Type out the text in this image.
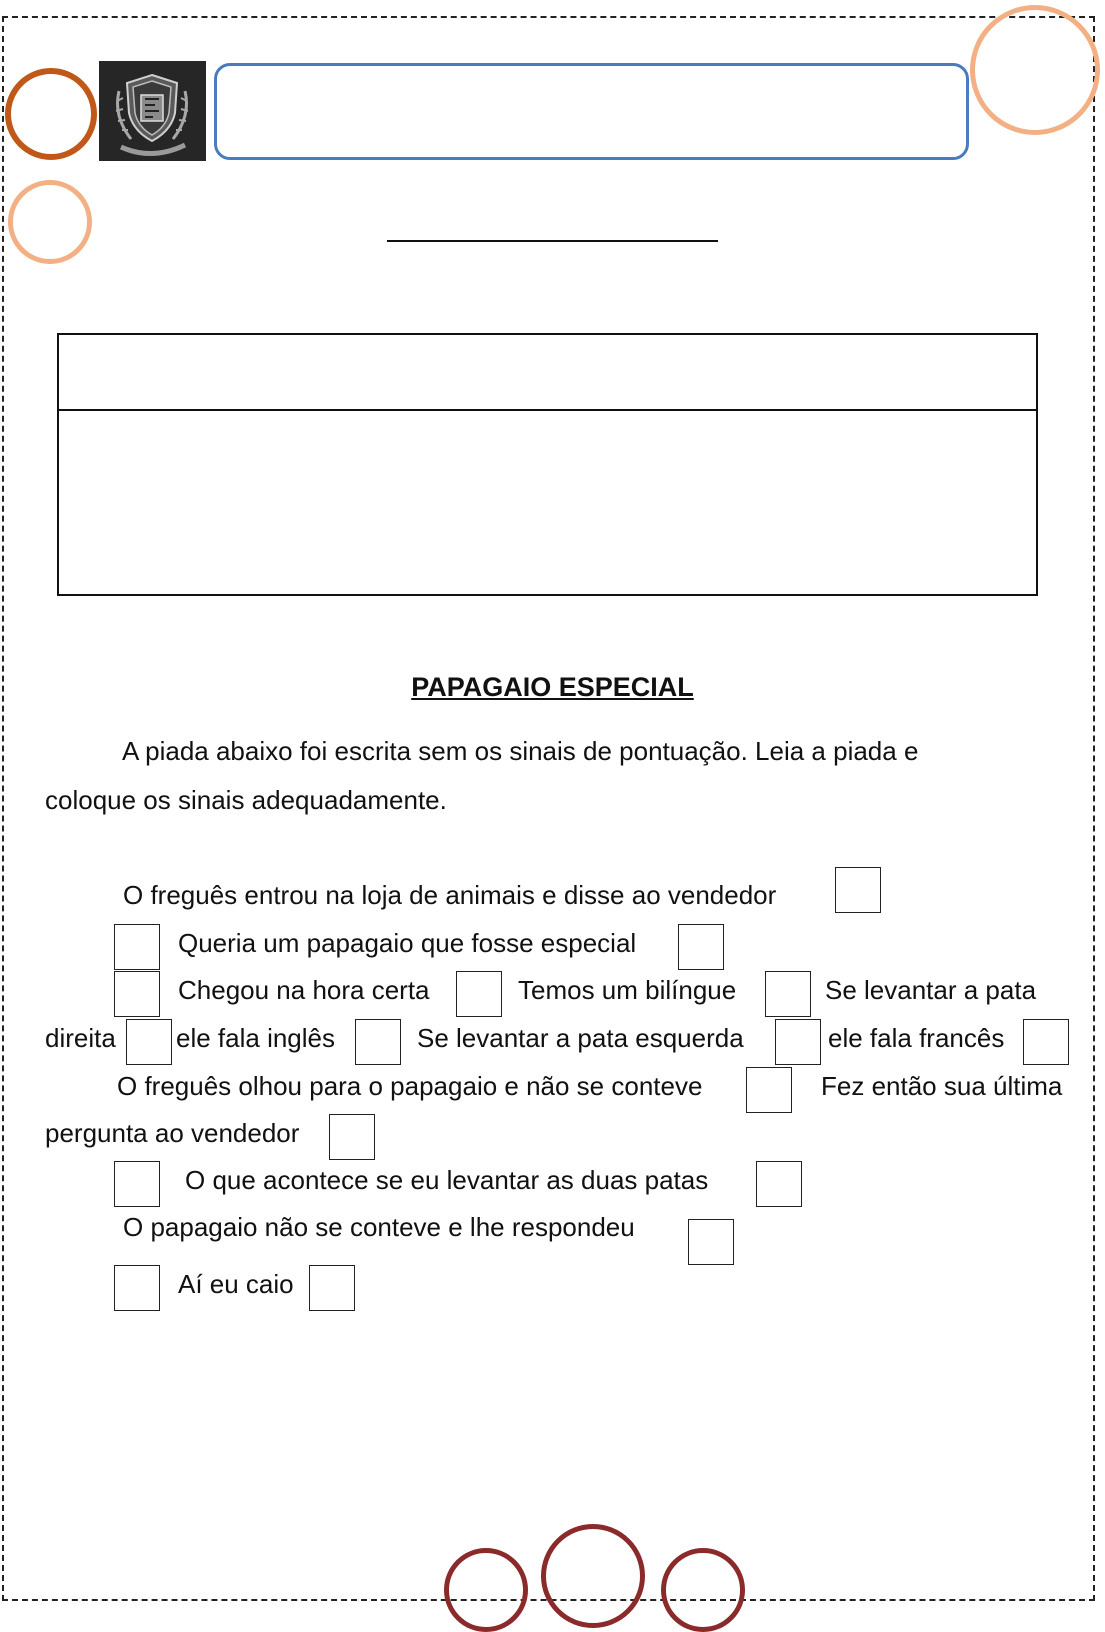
PAPAGAIO ESPECIAL
A piada abaixo foi escrita sem os sinais de pontuação. Leia a piada e
coloque os sinais adequadamente.
O freguês entrou na loja de animais e disse ao vendedor
Queria um papagaio que fosse especial
Chegou na hora certa	Temos um bilíngue	Se levantar a pata
direita ele fala inglês	Se levantar a pata esquerda	ele fala francês
O freguês olhou para o papagaio e não se conteve	Fez então sua última
pergunta ao vendedor
O que acontece se eu levantar as duas patas
O papagaio não se conteve e lhe respondeu
Aí eu caio
